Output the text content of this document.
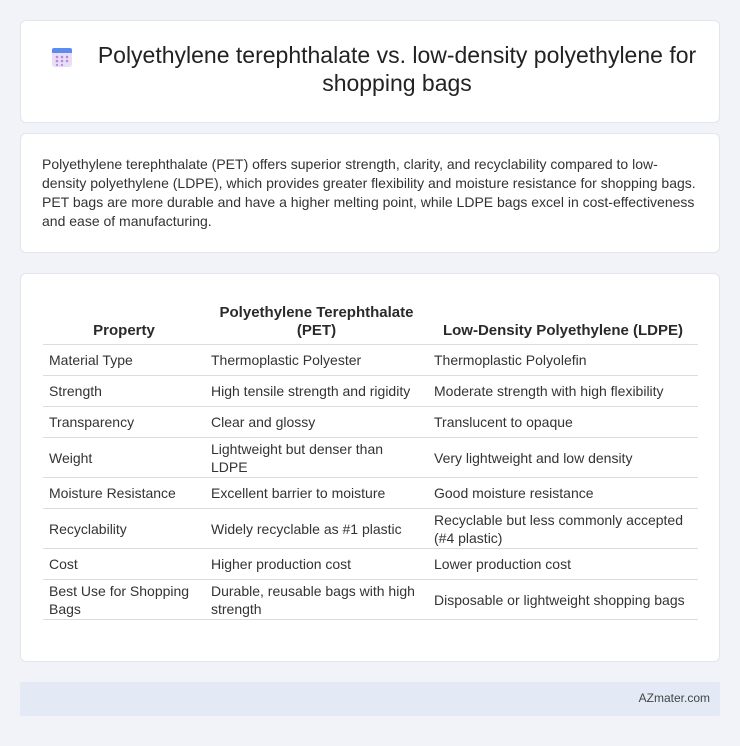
Polyethylene terephthalate vs. low-density polyethylene for shopping bags

Polyethylene terephthalate (PET) offers superior strength, clarity, and recyclability compared to low-density polyethylene (LDPE), which provides greater flexibility and moisture resistance for shopping bags. PET bags are more durable and have a higher melting point, while LDPE bags excel in cost-effectiveness and ease of manufacturing.

Property	Polyethylene Terephthalate (PET)	Low-Density Polyethylene (LDPE)
Material Type	Thermoplastic Polyester	Thermoplastic Polyolefin
Strength	High tensile strength and rigidity	Moderate strength with high flexibility
Transparency	Clear and glossy	Translucent to opaque
Weight	Lightweight but denser than LDPE	Very lightweight and low density
Moisture Resistance	Excellent barrier to moisture	Good moisture resistance
Recyclability	Widely recyclable as #1 plastic	Recyclable but less commonly accepted (#4 plastic)
Cost	Higher production cost	Lower production cost
Best Use for Shopping Bags	Durable, reusable bags with high strength	Disposable or lightweight shopping bags
AZmater.com
